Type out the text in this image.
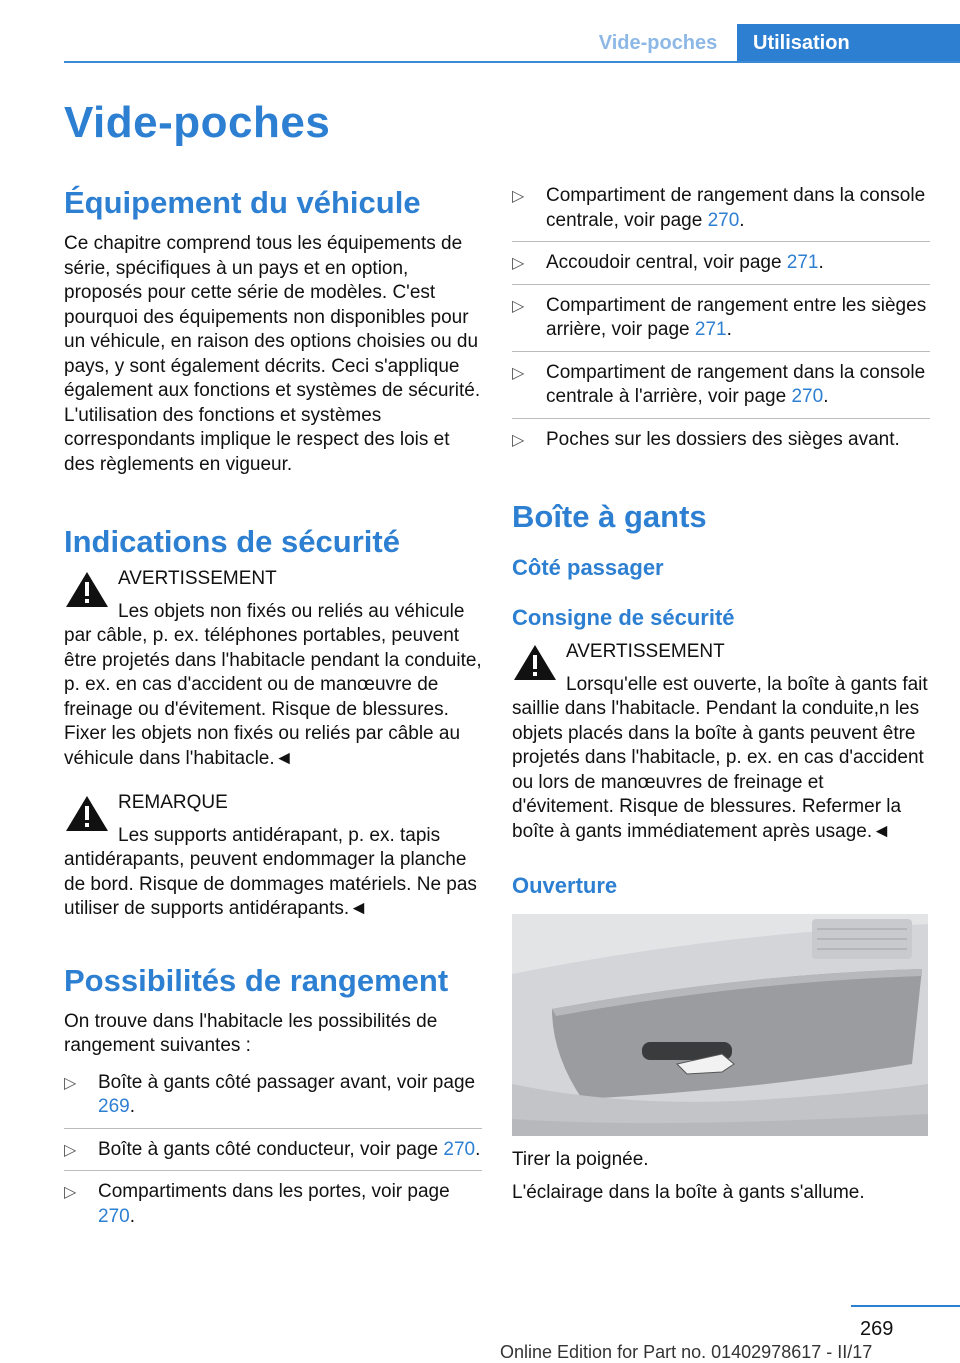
Vide-poches	Utilisation
Vide-poches
Équipement du véhicule

Ce chapitre comprend tous les équipements de série, spécifiques à un pays et en option, proposés pour cette série de modèles. C'est pourquoi des équipements non disponibles pour un véhicule, en raison des options choisies ou du pays, y sont également décrits. Ceci s'applique également aux fonctions et systèmes de sécurité. L'utilisation des fonctions et systèmes correspondants implique le respect des lois et des règlements en vigueur.

Indications de sécurité
AVERTISSEMENT

Les objets non fixés ou reliés au véhicule par câble, p. ex. téléphones portables, peuvent être projetés dans l'habitacle pendant la conduite, p. ex. en cas d'accident ou de manœuvre de freinage ou d'évitement. Risque de blessures. Fixer les objets non fixés ou reliés par câble au véhicule dans l'habitacle.◄

REMARQUE

Les supports antidérapant, p. ex. tapis antidérapants, peuvent endommager la planche de bord. Risque de dommages matériels. Ne pas utiliser de supports antidérapants.◄

Possibilités de rangement

On trouve dans l'habitacle les possibilités de rangement suivantes :

▷ Boîte à gants côté passager avant, voir page 269.
▷ Boîte à gants côté conducteur, voir page 270.
▷ Compartiments dans les portes, voir page 270.
▷ Compartiment de rangement dans la console centrale, voir page 270.
▷ Accoudoir central, voir page 271.
▷ Compartiment de rangement entre les sièges arrière, voir page 271.
▷ Compartiment de rangement dans la console centrale à l'arrière, voir page 270.
▷ Poches sur les dossiers des sièges avant.
Boîte à gants
Côté passager
Consigne de sécurité
AVERTISSEMENT

Lorsqu'elle est ouverte, la boîte à gants fait saillie dans l'habitacle. Pendant la conduite,n les objets placés dans la boîte à gants peuvent être projetés dans l'habitacle, p. ex. en cas d'accident ou lors de manœuvres de freinage et d'évitement. Risque de blessures. Refermer la boîte à gants immédiatement après usage.◄

Ouverture

Tirer la poignée.

L'éclairage dans la boîte à gants s'allume.

269
Online Edition for Part no. 01402978617 - II/17
